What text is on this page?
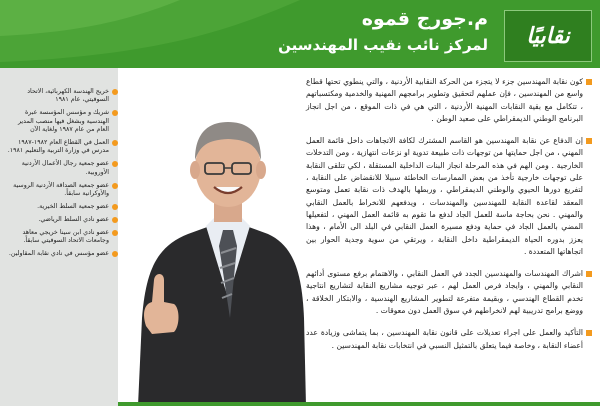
م.جورج قموه
لمركز نائب نقيب المهندسين نقابيًا
خريج الهندسة الكهربائية، الاتحاد السوفيتي، عام ١٩٨١
شريك و مؤسس المؤسسة عبرة الهندسية وبشغل فيها منصب المدير العام من عام ١٩٨٧ ولغاية الآن
العمل في القطاع العام ١٩٨٢-١٩٨٧ مدرس في وزارة التربية والتعليم ١٩٨١.
عضو جمعية رجال الأعمال الأردنية الأوروبية.
عضو جمعية الصداقة الأردنية الروسية والأوكرانية سابقاً.
عضو جمعية السلط الخيرية.
عضو نادي السلط الرياضي.
عضو نادي ابن سينا خريجي معاهد وجامعات الاتحاد السوفيتي سابقاً.
عضو مؤسس في نادي نقابة المقاولين.
كون نقابة المهندسين جزء لا يتجزء من الحركة النقابية الأردنية ، والتي ينطوي تحتها قطاع واسع من المهندسين ، فإن عملهم لتحقيق وتطوير برامجهم المهنية والخدمية ومكتسباتهم ، تتكامل مع بقية النقابات المهنية الأردنية ، التي هي في ذات الموقع ، من اجل انجاز البرنامج الوطني الديمقراطي على صعيد الوطن .
إن الدفاع عن نقابة المهندسين هو القاسم المشترك لكافة الاتجاهات داخل قائمة العمل المهني ، من اجل حمايتها من توجهات ذات طبيعة تدوية او نزعات انتهازية ، ومن التدخلات الخارجية . ومن الهم في هذه المرحلة انجاز البنات الداخلية المستقلة ، لكي تتلقى النقابة على توجهات خارجية تأخذ من بعض الممارسات الخاطئة سبيلا للانقضاض على النقابة ، لتفريغ دورها الحيوي والوطني الديمقراطي ، وربطها بالهدف ذات نقابة تعمل ومتوسع المعقد لقاعدة النقابة للمهندسين والمهندسات ، ويدفعهم للانخراط بالعمل النقابي والمهني . نحن بحاجة ماسة للعمل الجاد لدفع ما تقوم به قائمة العمل المهني ، لتفعيلها المضي بالعمل الجاد في حماية ودفع مسيرة العمل النقابي في البلد الى الأمام ، وهذا يعزز بدوره الحياة الديمقراطية داخل النقابة ، ويرتقي من سوية وجدية الحوار بين اتجاهاتها المتعددة .
اشراك المهندسات والمهندسين الجدد في العمل النقابي ، والاهتمام برفع مستوى أدائهم النقابي والمهني ، وايجاد فرص العمل لهم ، عبر توجيه مشاريع النقابة لتشاريع انتاجية تخدم القطاع الهندسي ، وبقيمة متفرعة لتطوير المشاريع الهندسية ، والابتكار الخلاقة ، ووضع برامج تدريبية لهم لانخراطهم في سوق العمل دون معوقات .
التأكيد والعمل على اجراء تعديلات على قانون نقابة المهندسين ، بما يتماشى وزيادة عدد أعضاء النقابة ، وخاصة فيما يتعلق بالتمثيل النسبي في انتخابات نقابة المهندسين .
